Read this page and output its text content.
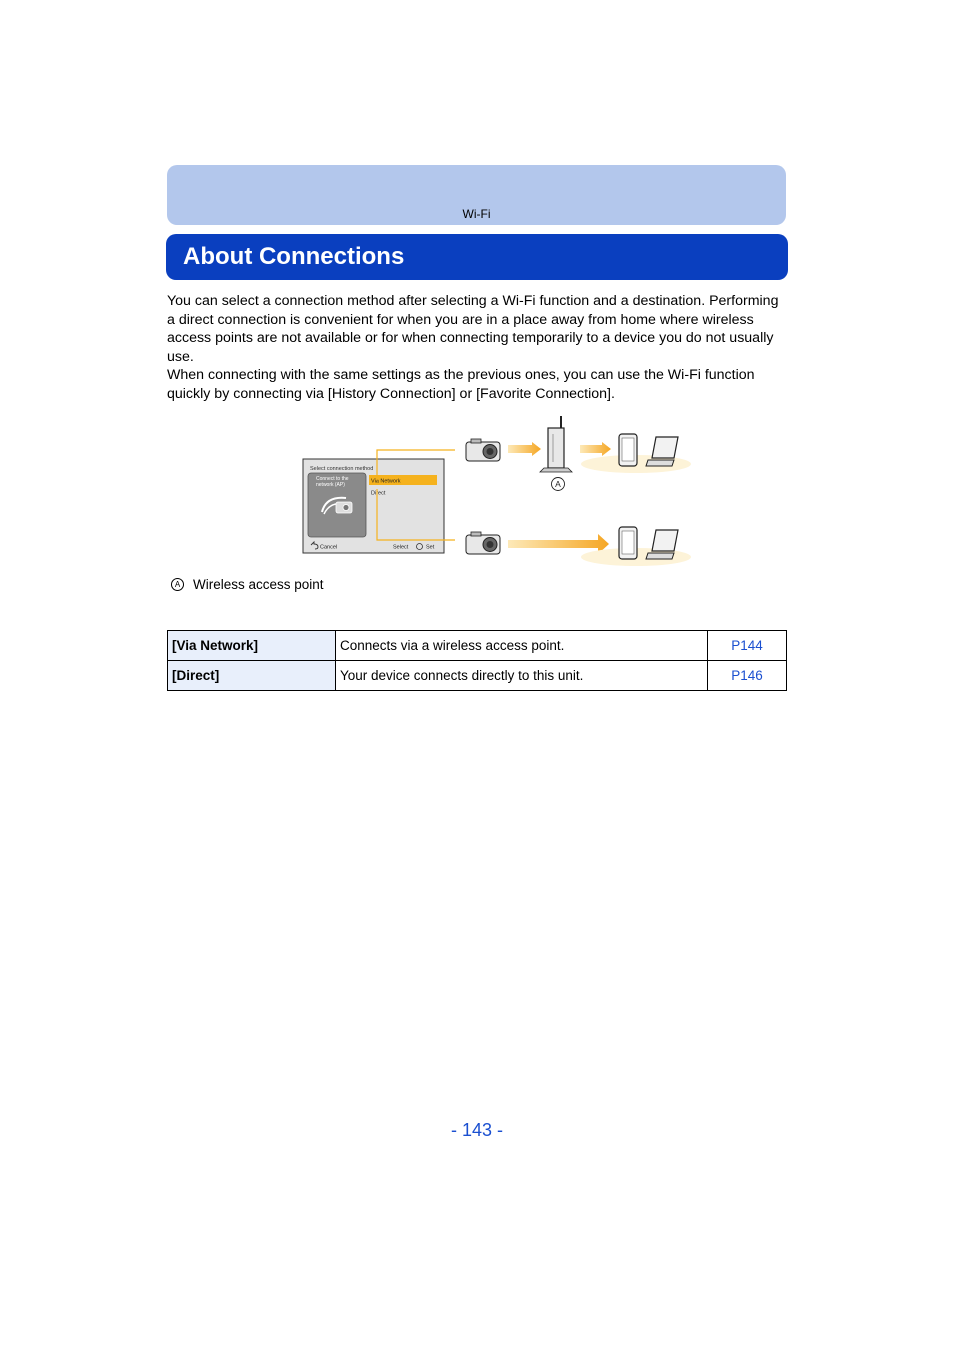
Wi-Fi
About Connections

You can select a connection method after selecting a Wi-Fi function and a destination. Performing a direct connection is convenient for when you are in a place away from home where wireless access points are not available or for when connecting temporarily to a device you do not usually use.

When connecting with the same settings as the previous ones, you can use the Wi-Fi function quickly by connecting via [History Connection] or [Favorite Connection].

Select connection method
Connect to the
network (AP)
Via Network
Direct
Cancel	Select	Set
A
A Wireless access point
[Via Network]	Connects via a wireless access point.	P144
[Direct]	Your device connects directly to this unit.	P146
- 143 -
